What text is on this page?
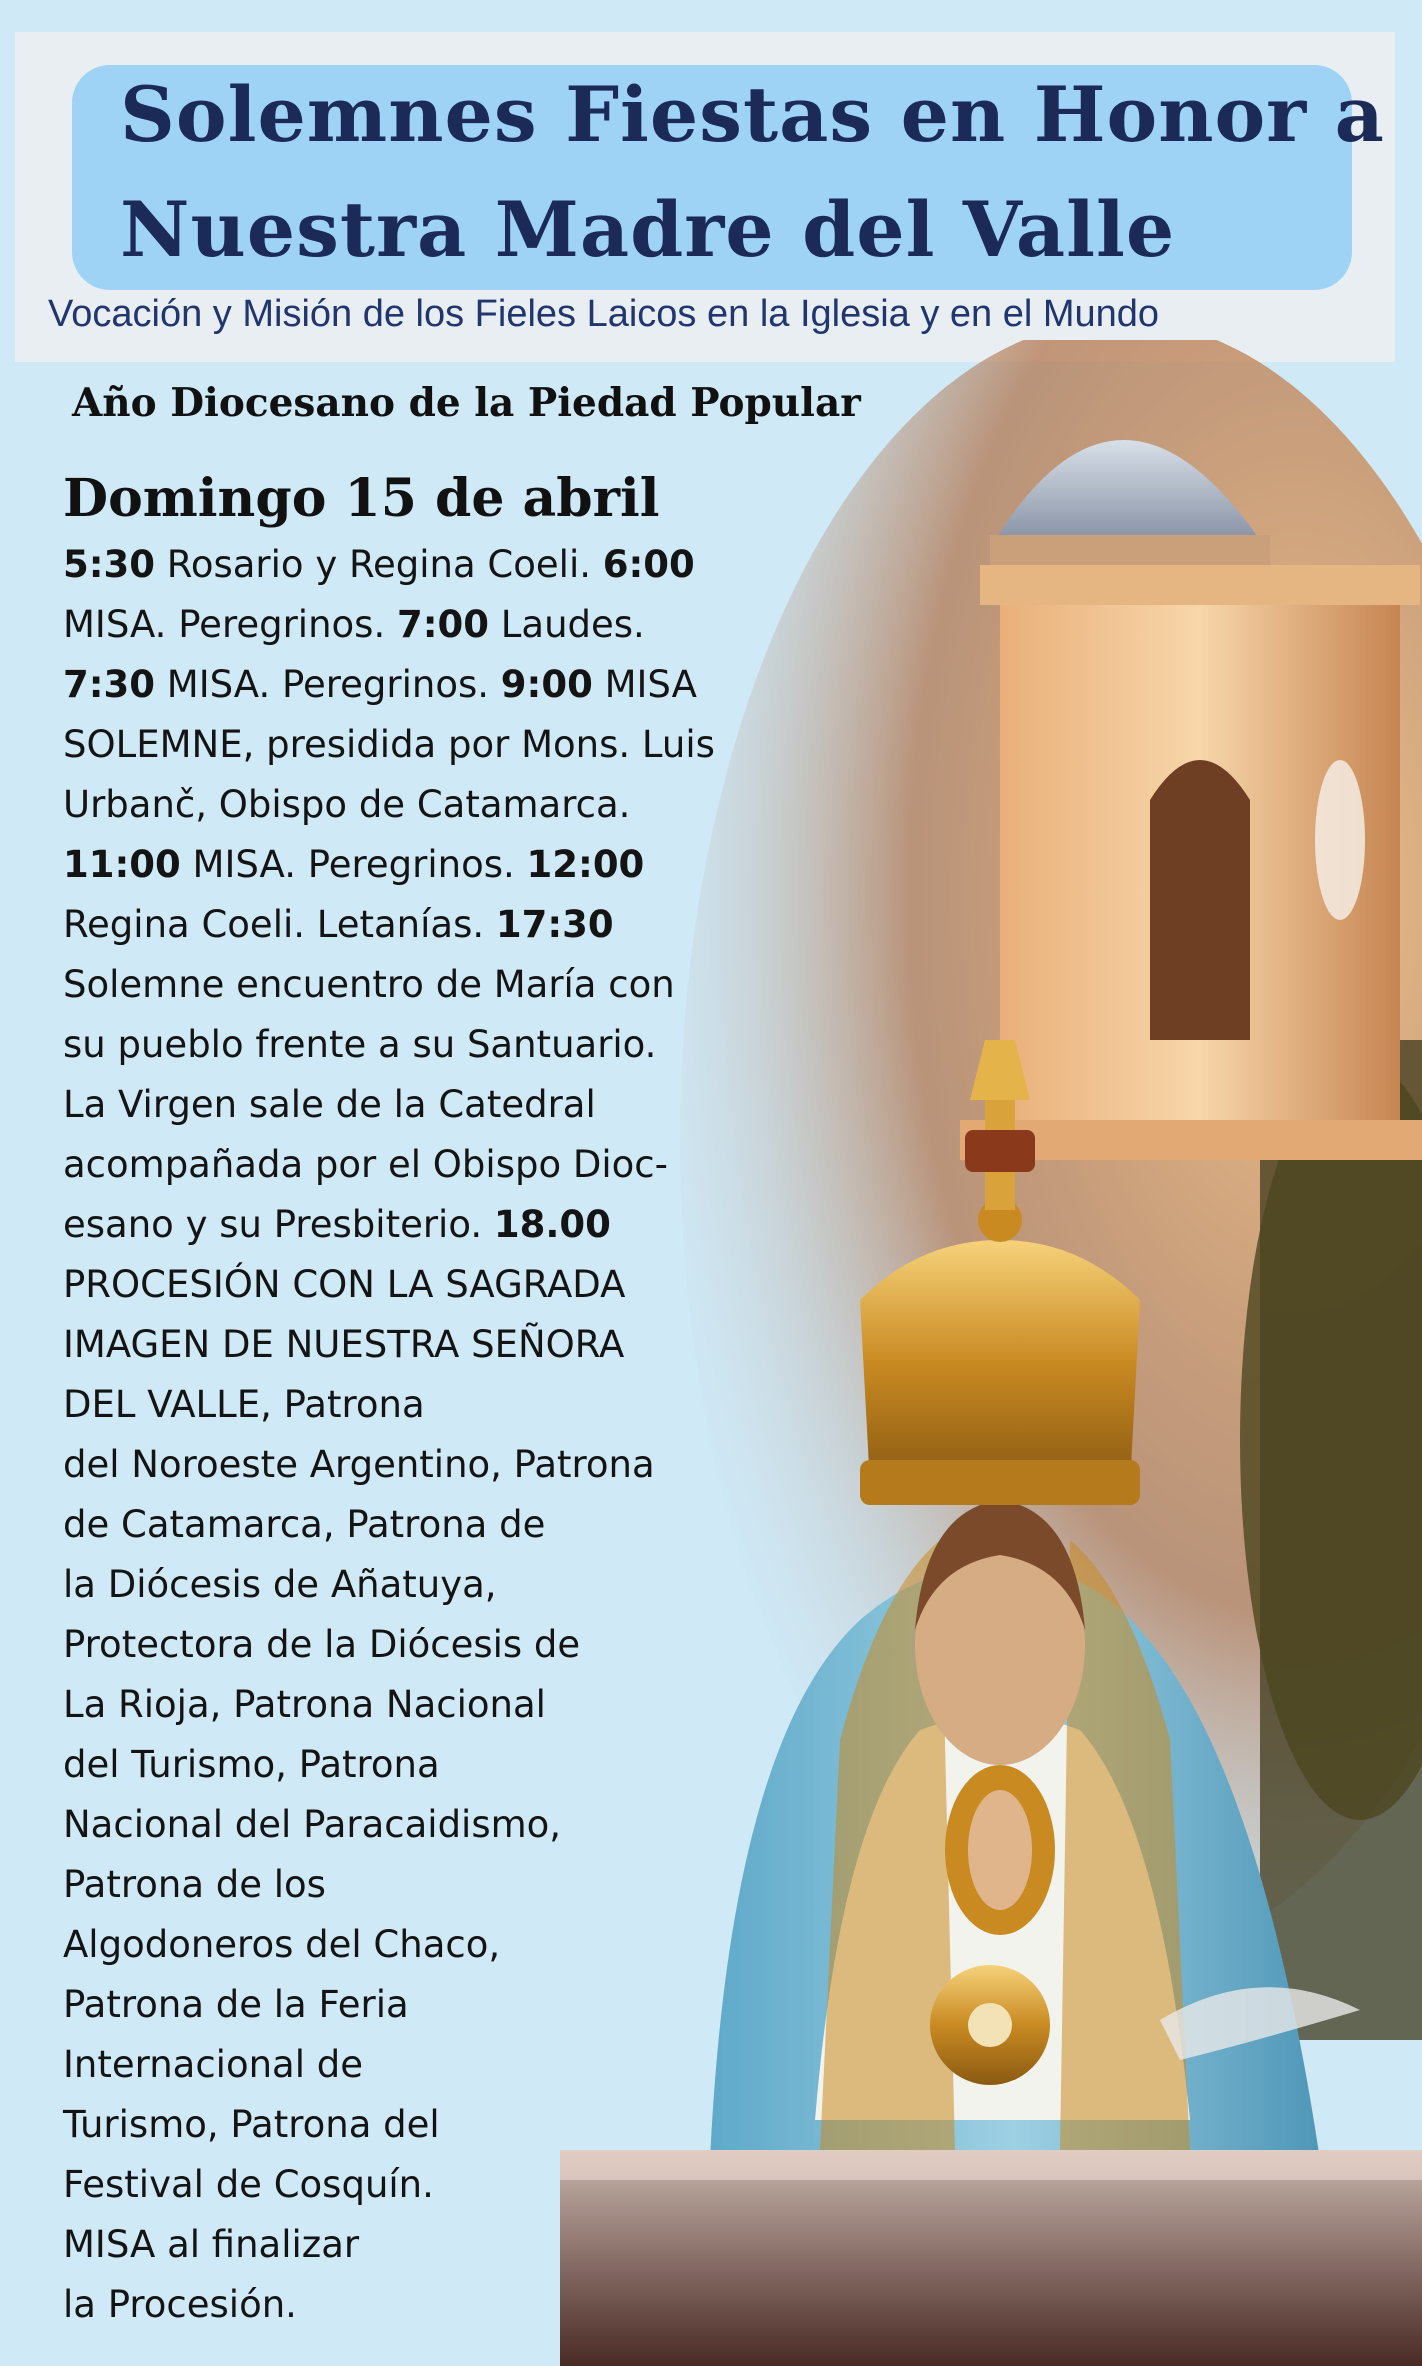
Solemnes Fiestas en Honor a
Nuestra Madre del Valle
Vocación y Misión de los Fieles Laicos en la Iglesia y en el Mundo
Año Diocesano de la Piedad Popular
Domingo 15 de abril
5:30 Rosario y Regina Coeli. 6:00
MISA. Peregrinos. 7:00 Laudes.
7:30 MISA. Peregrinos. 9:00 MISA
SOLEMNE, presidida por Mons. Luis
Urbanč, Obispo de Catamarca.
11:00 MISA. Peregrinos. 12:00
Regina Coeli. Letanías. 17:30
Solemne encuentro de María con
su pueblo frente a su Santuario.
La Virgen sale de la Catedral
acompañada por el Obispo Dioc-
esano y su Presbiterio. 18.00
PROCESIÓN CON LA SAGRADA
IMAGEN DE NUESTRA SEÑORA
DEL VALLE, Patrona
del Noroeste Argentino, Patrona
de Catamarca, Patrona de
la Diócesis de Añatuya,
Protectora de la Diócesis de
La Rioja, Patrona Nacional
del Turismo, Patrona
Nacional del Paracaidismo,
Patrona de los
Algodoneros del Chaco,
Patrona de la Feria
Internacional de
Turismo, Patrona del
Festival de Cosquín.
MISA al finalizar
la Procesión.
